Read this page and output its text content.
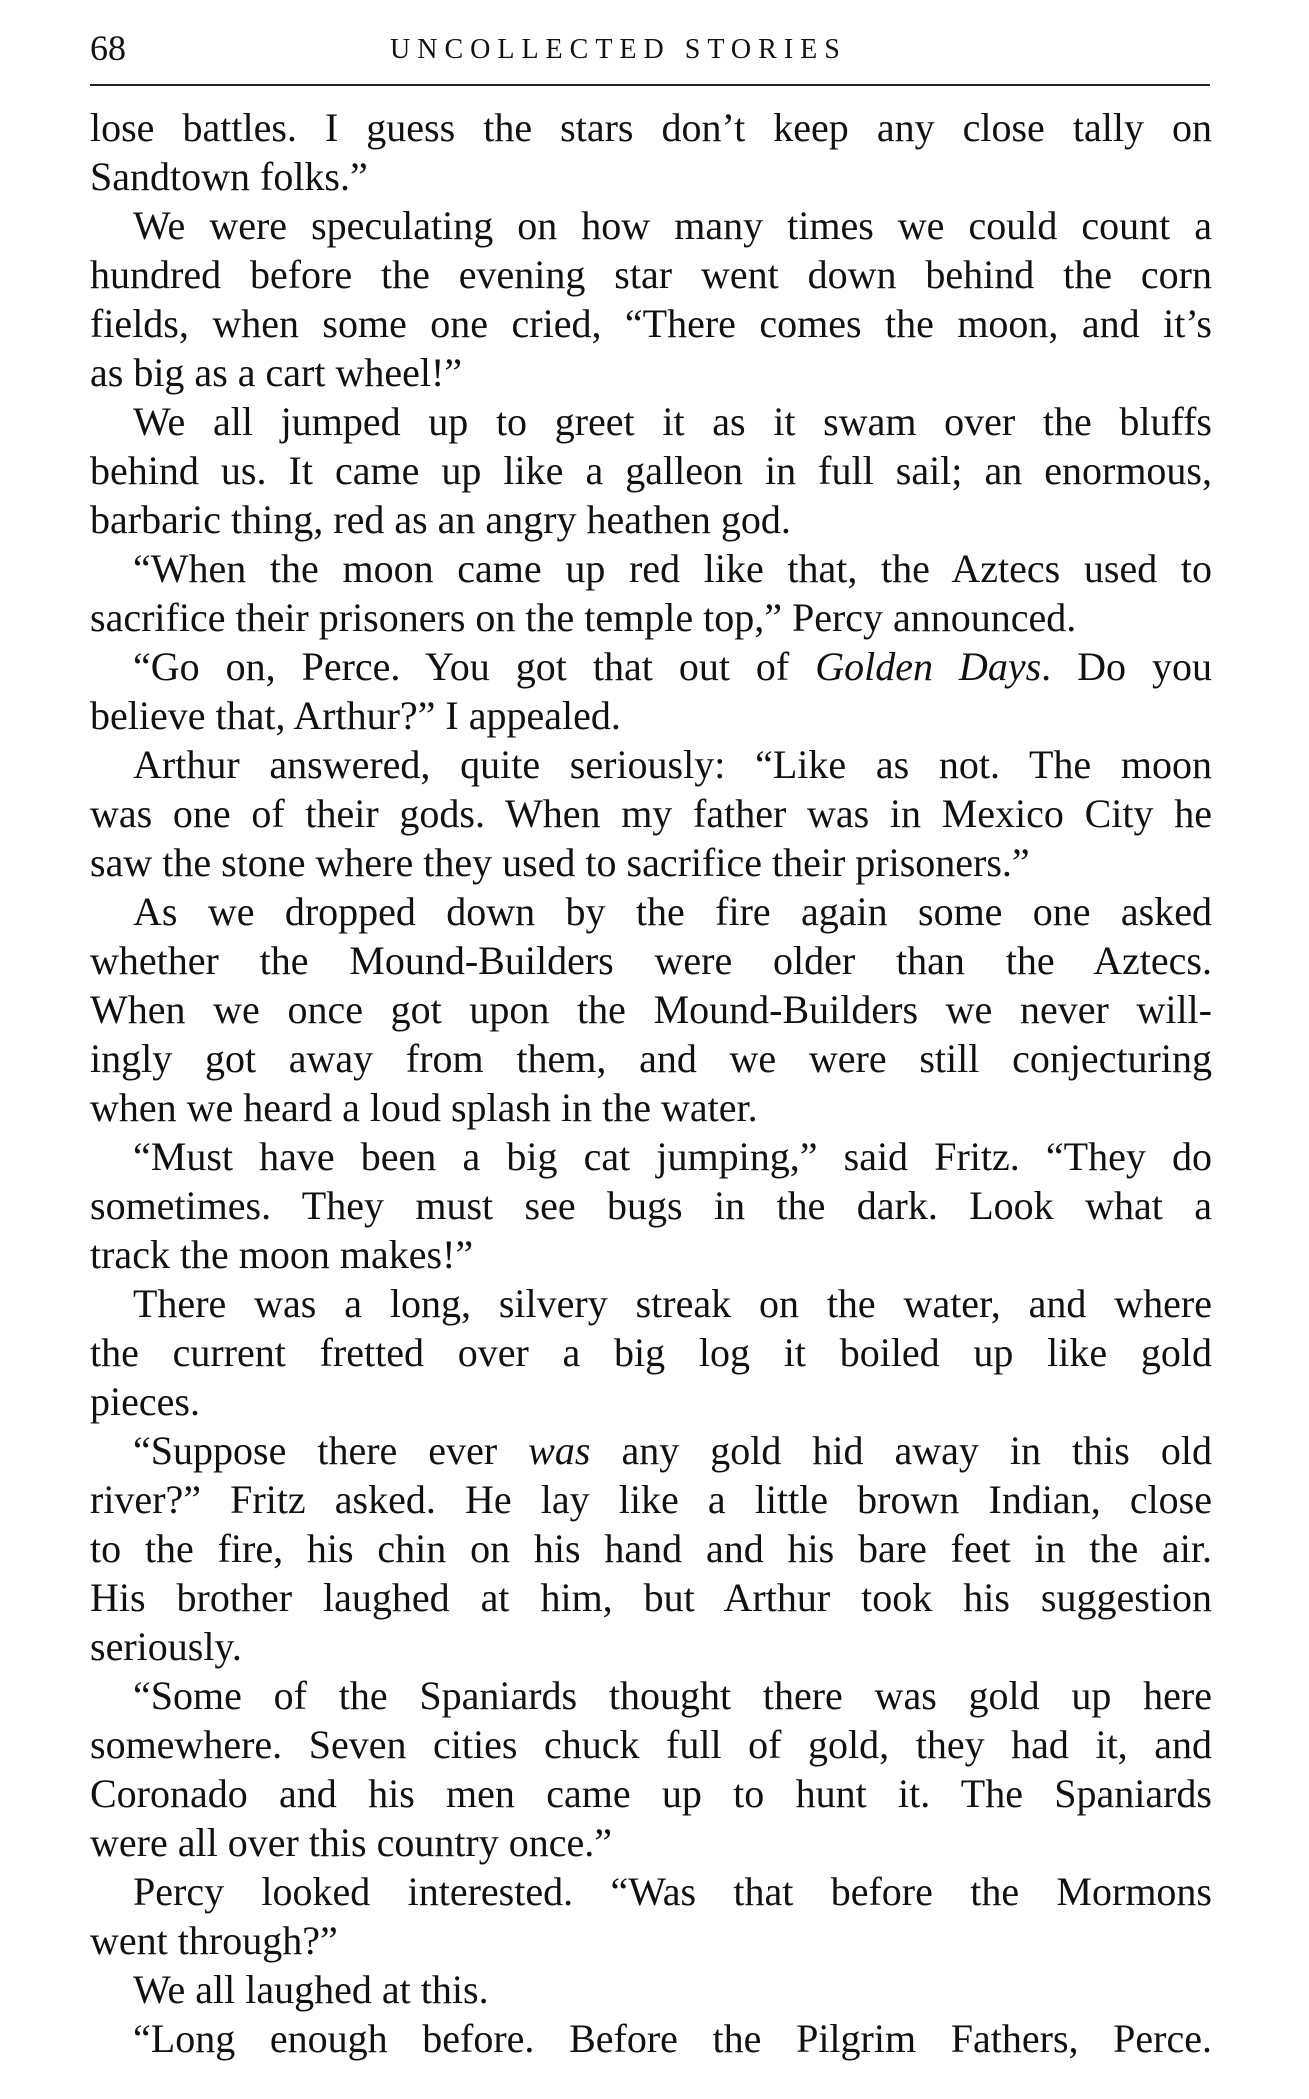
68	UNCOLLECTED STORIES
lose battles. I guess the stars don’t keep any close tally on
Sandtown folks.”
We were speculating on how many times we could count a
hundred before the evening star went down behind the corn
fields, when some one cried, “There comes the moon, and it’s
as big as a cart wheel!”
We all jumped up to greet it as it swam over the bluffs
behind us. It came up like a galleon in full sail; an enormous,
barbaric thing, red as an angry heathen god.
“When the moon came up red like that, the Aztecs used to
sacrifice their prisoners on the temple top,” Percy announced.
“Go on, Perce. You got that out of Golden Days. Do you
believe that, Arthur?” I appealed.
Arthur answered, quite seriously: “Like as not. The moon
was one of their gods. When my father was in Mexico City he
saw the stone where they used to sacrifice their prisoners.”
As we dropped down by the fire again some one asked
whether the Mound-Builders were older than the Aztecs.
When we once got upon the Mound-Builders we never will-
ingly got away from them, and we were still conjecturing
when we heard a loud splash in the water.
“Must have been a big cat jumping,” said Fritz. “They do
sometimes. They must see bugs in the dark. Look what a
track the moon makes!”
There was a long, silvery streak on the water, and where
the current fretted over a big log it boiled up like gold
pieces.
“Suppose there ever was any gold hid away in this old
river?” Fritz asked. He lay like a little brown Indian, close
to the fire, his chin on his hand and his bare feet in the air.
His brother laughed at him, but Arthur took his suggestion
seriously.
“Some of the Spaniards thought there was gold up here
somewhere. Seven cities chuck full of gold, they had it, and
Coronado and his men came up to hunt it. The Spaniards
were all over this country once.”
Percy looked interested. “Was that before the Mormons
went through?”
We all laughed at this.
“Long enough before. Before the Pilgrim Fathers, Perce.
